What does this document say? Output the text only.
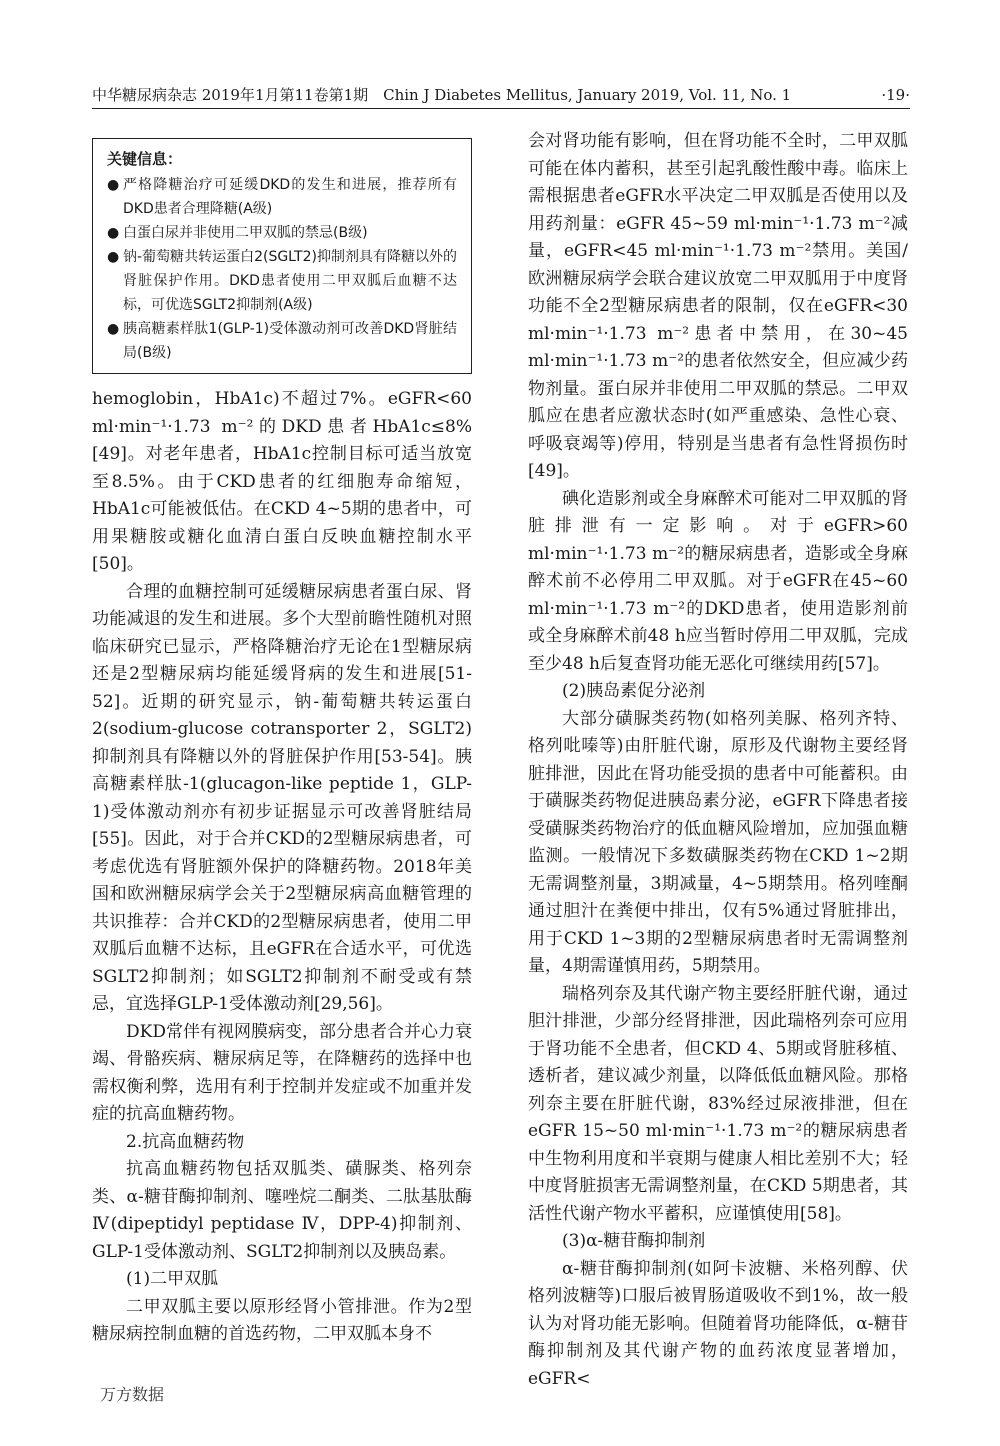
中华糖尿病杂志 2019年1月第11卷第1期　Chin J Diabetes Mellitus, January 2019, Vol. 11, No. 1	·19·
关键信息：
● 严格降糖治疗可延缓DKD的发生和进展，推荐所有DKD患者合理降糖(A级)
● 白蛋白尿并非使用二甲双胍的禁忌(B级)
● 钠-葡萄糖共转运蛋白2(SGLT2)抑制剂具有降糖以外的肾脏保护作用。DKD患者使用二甲双胍后血糖不达标，可优选SGLT2抑制剂(A级)
● 胰高糖素样肽1(GLP-1)受体激动剂可改善DKD肾脏结局(B级)

hemoglobin，HbA1c)不超过7%。eGFR<60 ml·min⁻¹·1.73 m⁻²的DKD患者HbA1c≤8%[49]。对老年患者，HbA1c控制目标可适当放宽至8.5%。由于CKD患者的红细胞寿命缩短，HbA1c可能被低估。在CKD 4~5期的患者中，可用果糖胺或糖化血清白蛋白反映血糖控制水平[50]。

合理的血糖控制可延缓糖尿病患者蛋白尿、肾功能减退的发生和进展。多个大型前瞻性随机对照临床研究已显示，严格降糖治疗无论在1型糖尿病还是2型糖尿病均能延缓肾病的发生和进展[51-52]。近期的研究显示，钠-葡萄糖共转运蛋白2(sodium-glucose cotransporter 2，SGLT2)抑制剂具有降糖以外的肾脏保护作用[53-54]。胰高糖素样肽-1(glucagon-like peptide 1，GLP-1)受体激动剂亦有初步证据显示可改善肾脏结局[55]。因此，对于合并CKD的2型糖尿病患者，可考虑优选有肾脏额外保护的降糖药物。2018年美国和欧洲糖尿病学会关于2型糖尿病高血糖管理的共识推荐：合并CKD的2型糖尿病患者，使用二甲双胍后血糖不达标，且eGFR在合适水平，可优选SGLT2抑制剂；如SGLT2抑制剂不耐受或有禁忌，宜选择GLP-1受体激动剂[29,56]。

DKD常伴有视网膜病变，部分患者合并心力衰竭、骨骼疾病、糖尿病足等，在降糖药的选择中也需权衡利弊，选用有利于控制并发症或不加重并发症的抗高血糖药物。

2.抗高血糖药物

抗高血糖药物包括双胍类、磺脲类、格列奈类、α-糖苷酶抑制剂、噻唑烷二酮类、二肽基肽酶Ⅳ(dipeptidyl peptidase Ⅳ，DPP-4)抑制剂、GLP-1受体激动剂、SGLT2抑制剂以及胰岛素。

(1)二甲双胍

二甲双胍主要以原形经肾小管排泄。作为2型糖尿病控制血糖的首选药物，二甲双胍本身不

会对肾功能有影响，但在肾功能不全时，二甲双胍可能在体内蓄积，甚至引起乳酸性酸中毒。临床上需根据患者eGFR水平决定二甲双胍是否使用以及用药剂量：eGFR 45~59 ml·min⁻¹·1.73 m⁻²减量，eGFR<45 ml·min⁻¹·1.73 m⁻²禁用。美国/欧洲糖尿病学会联合建议放宽二甲双胍用于中度肾功能不全2型糖尿病患者的限制，仅在eGFR<30 ml·min⁻¹·1.73 m⁻²患者中禁用，在30~45 ml·min⁻¹·1.73 m⁻²的患者依然安全，但应减少药物剂量。蛋白尿并非使用二甲双胍的禁忌。二甲双胍应在患者应激状态时(如严重感染、急性心衰、呼吸衰竭等)停用，特别是当患者有急性肾损伤时[49]。

碘化造影剂或全身麻醉术可能对二甲双胍的肾脏排泄有一定影响。对于eGFR>60 ml·min⁻¹·1.73 m⁻²的糖尿病患者，造影或全身麻醉术前不必停用二甲双胍。对于eGFR在45~60 ml·min⁻¹·1.73 m⁻²的DKD患者，使用造影剂前或全身麻醉术前48 h应当暂时停用二甲双胍，完成至少48 h后复查肾功能无恶化可继续用药[57]。

(2)胰岛素促分泌剂

大部分磺脲类药物(如格列美脲、格列齐特、格列吡嗪等)由肝脏代谢，原形及代谢物主要经肾脏排泄，因此在肾功能受损的患者中可能蓄积。由于磺脲类药物促进胰岛素分泌，eGFR下降患者接受磺脲类药物治疗的低血糖风险增加，应加强血糖监测。一般情况下多数磺脲类药物在CKD 1~2期无需调整剂量，3期减量，4~5期禁用。格列喹酮通过胆汁在粪便中排出，仅有5%通过肾脏排出，用于CKD 1~3期的2型糖尿病患者时无需调整剂量，4期需谨慎用药，5期禁用。

瑞格列奈及其代谢产物主要经肝脏代谢，通过胆汁排泄，少部分经肾排泄，因此瑞格列奈可应用于肾功能不全患者，但CKD 4、5期或肾脏移植、透析者，建议减少剂量，以降低低血糖风险。那格列奈主要在肝脏代谢，83%经过尿液排泄，但在eGFR 15~50 ml·min⁻¹·1.73 m⁻²的糖尿病患者中生物利用度和半衰期与健康人相比差别不大；轻中度肾脏损害无需调整剂量，在CKD 5期患者，其活性代谢产物水平蓄积，应谨慎使用[58]。

(3)α-糖苷酶抑制剂

α-糖苷酶抑制剂(如阿卡波糖、米格列醇、伏格列波糖等)口服后被胃肠道吸收不到1%，故一般认为对肾功能无影响。但随着肾功能降低，α-糖苷酶抑制剂及其代谢产物的血药浓度显著增加，eGFR<

万方数据
